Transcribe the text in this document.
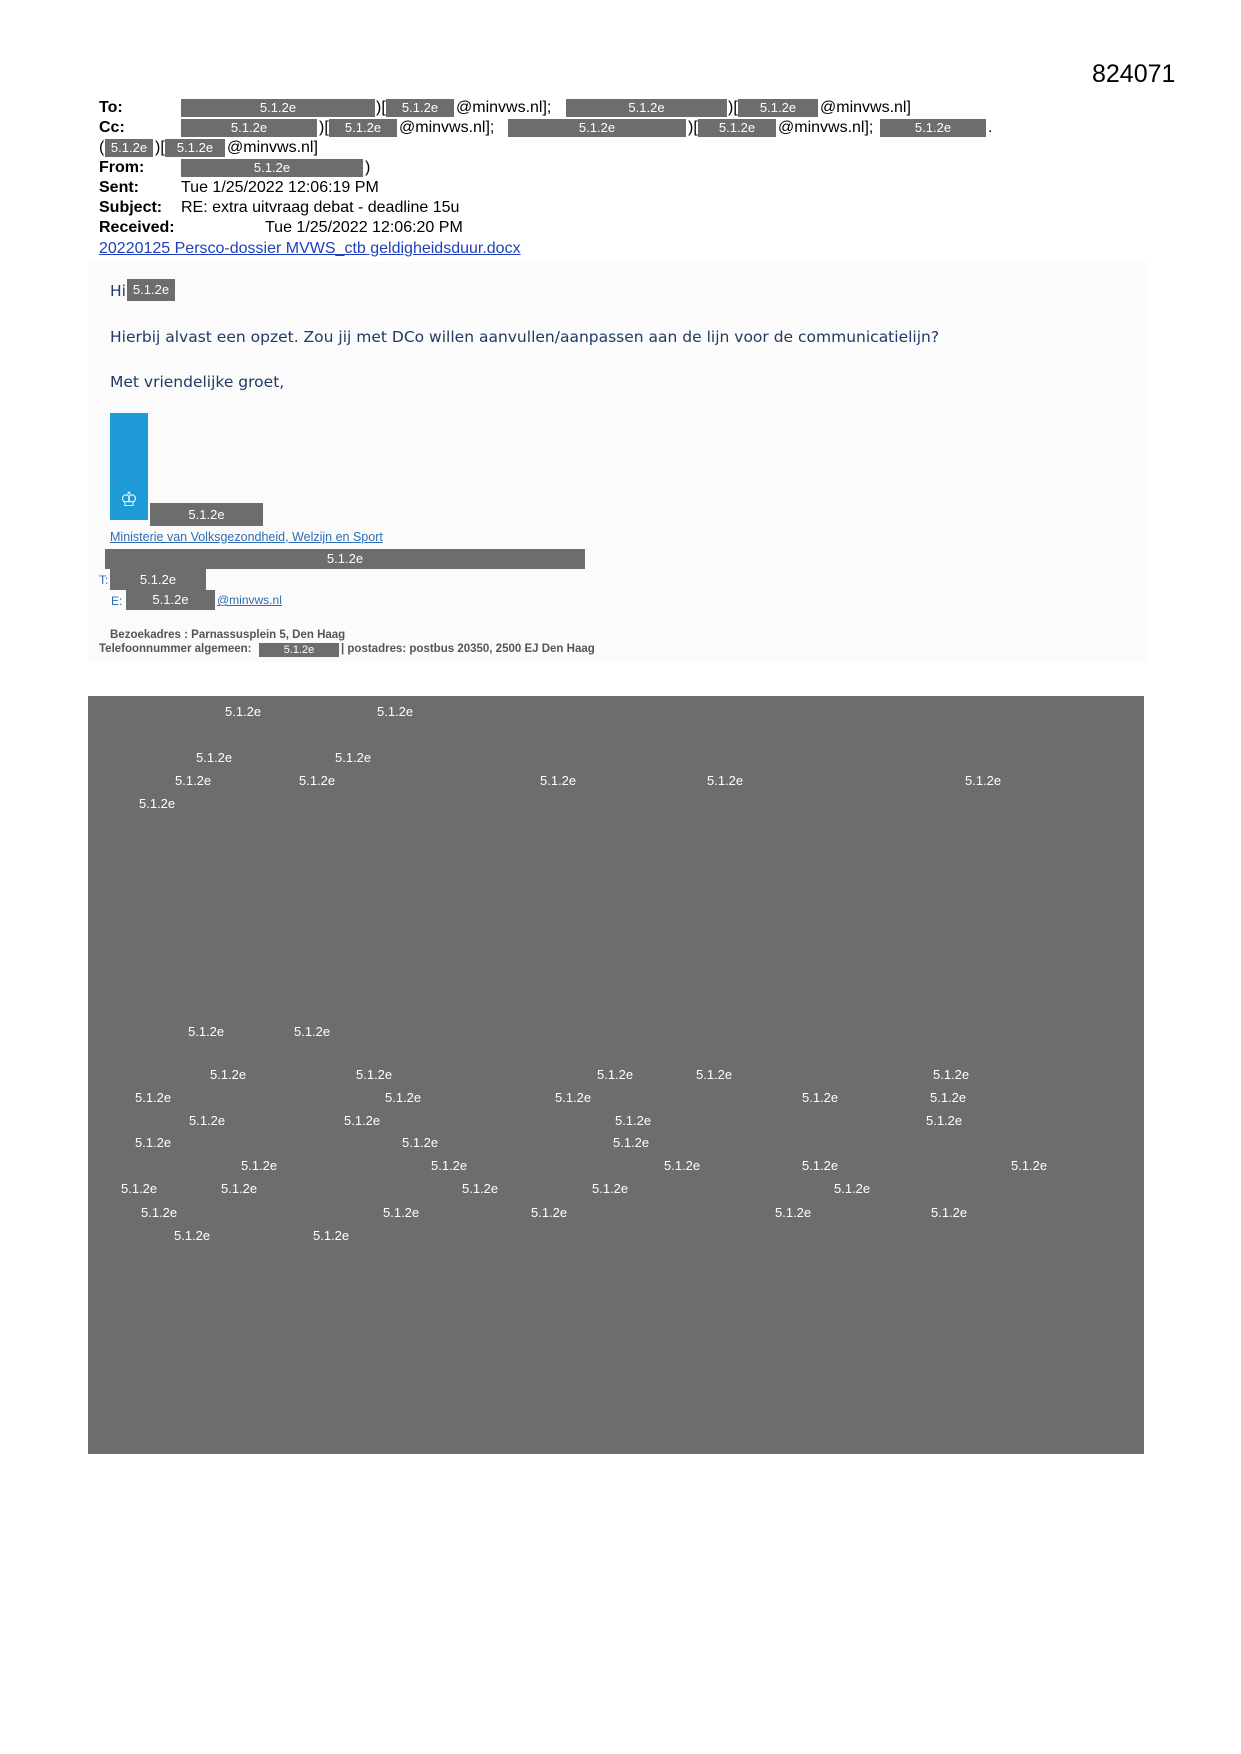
824071
To:	5.1.2e	)[	5.1.2e	@minvws.nl];	5.1.2e	)[	5.1.2e	@minvws.nl]
Cc:	5.1.2e	)[	5.1.2e	@minvws.nl];	5.1.2e	)[	5.1.2e	@minvws.nl];	5.1.2e	.
( 5.1.2e )[ 5.1.2e @minvws.nl]
From:	5.1.2e	)
Sent:	Tue 1/25/2022 12:06:19 PM
Subject: RE: extra uitvraag debat - deadline 15u
Received:	Tue 1/25/2022 12:06:20 PM
20220125 Persco-dossier MVWS_ctb geldigheidsduur.docx
Hi 5.1.2e
Hierbij alvast een opzet. Zou jij met DCo willen aanvullen/aanpassen aan de lijn voor de communicatielijn?
Met vriendelijke groet,
♔
5.1.2e
Ministerie van Volksgezondheid, Welzijn en Sport
5.1.2e
T:	5.1.2e
E:	5.1.2e	@minvws.nl
Bezoekadres : Parnassusplein 5, Den Haag
Telefoonnummer algemeen:	5.1.2e	| postadres: postbus 20350, 2500 EJ Den Haag
5.1.2e	5.1.2e
5.1.2e	5.1.2e
5.1.2e	5.1.2e	5.1.2e	5.1.2e	5.1.2e
5.1.2e
5.1.2e	5.1.2e
5.1.2e	5.1.2e	5.1.2e	5.1.2e	5.1.2e
5.1.2e	5.1.2e	5.1.2e	5.1.2e	5.1.2e
5.1.2e	5.1.2e	5.1.2e	5.1.2e
5.1.2e	5.1.2e	5.1.2e
5.1.2e	5.1.2e	5.1.2e	5.1.2e	5.1.2e
5.1.2e	5.1.2e	5.1.2e	5.1.2e	5.1.2e
5.1.2e	5.1.2e	5.1.2e	5.1.2e	5.1.2e
5.1.2e	5.1.2e
